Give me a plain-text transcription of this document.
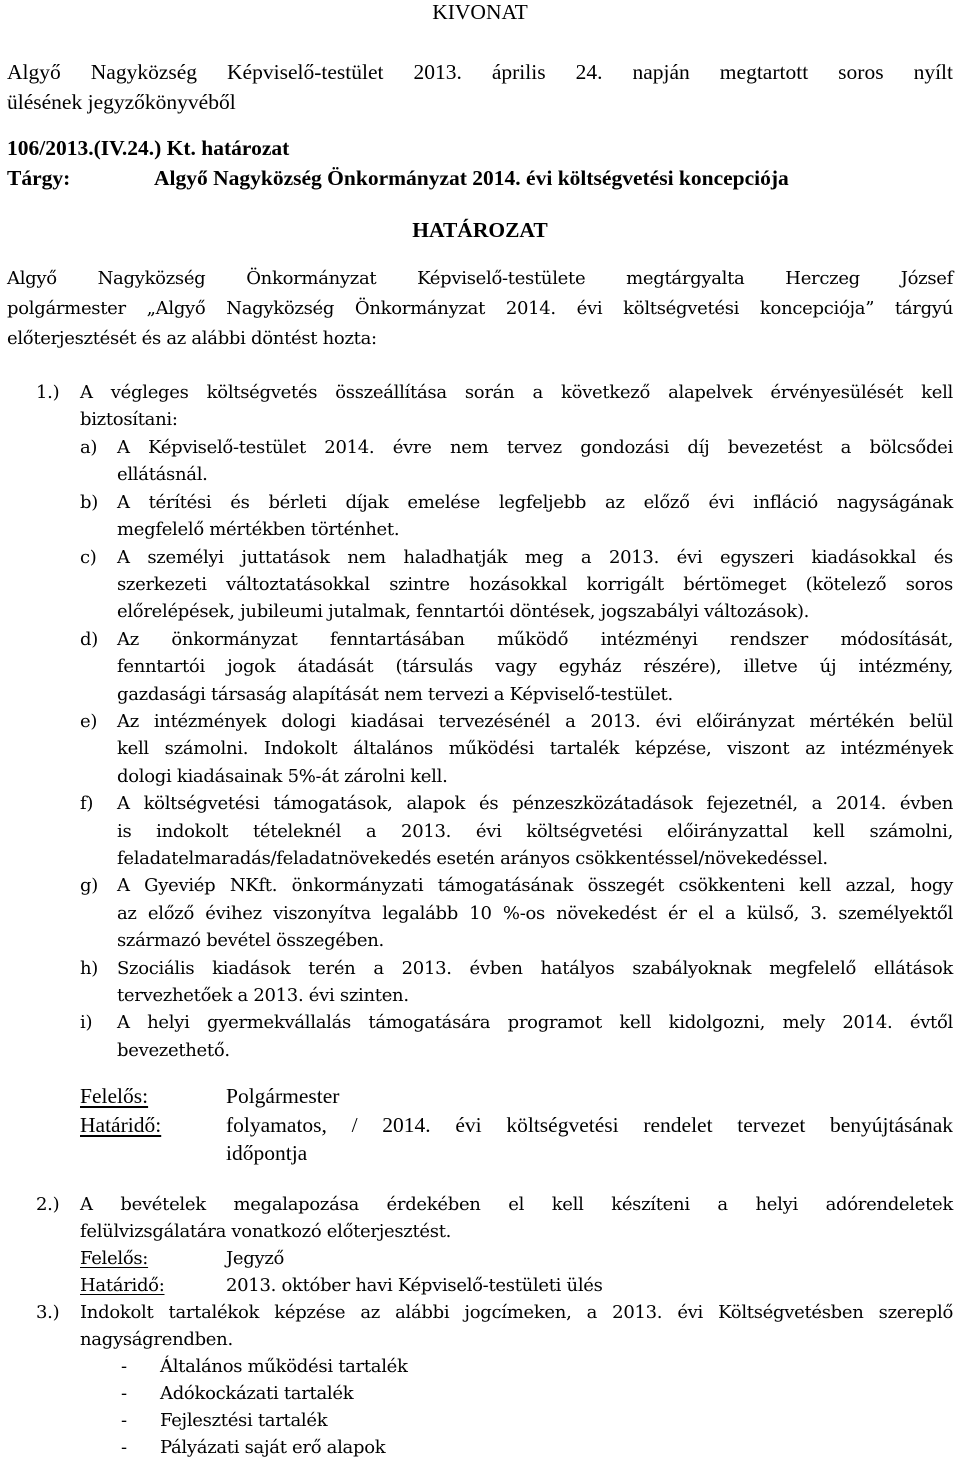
KIVONAT
Algyő Nagyközség Képviselő-testület 2013. április 24. napján megtartott soros nyílt
ülésének jegyzőkönyvéből
106/2013.(IV.24.) Kt. határozat
Tárgy:	Algyő Nagyközség Önkormányzat 2014. évi költségvetési koncepciója
HATÁROZAT
Algyő Nagyközség Önkormányzat Képviselő-testülete megtárgyalta Herczeg József
polgármester „Algyő Nagyközség Önkormányzat 2014. évi költségvetési koncepciója” tárgyú
előterjesztését és az alábbi döntést hozta:
1.) A végleges költségvetés összeállítása során a következő alapelvek érvényesülését kell
biztosítani:
a) A Képviselő-testület 2014. évre nem tervez gondozási díj bevezetést a bölcsődei
ellátásnál.
b) A térítési és bérleti díjak emelése legfeljebb az előző évi infláció nagyságának
megfelelő mértékben történhet.
c) A személyi juttatások nem haladhatják meg a 2013. évi egyszeri kiadásokkal és
szerkezeti változtatásokkal szintre hozásokkal korrigált bértömeget (kötelező soros
előrelépések, jubileumi jutalmak, fenntartói döntések, jogszabályi változások).
d) Az önkormányzat fenntartásában működő intézményi rendszer módosítását,
fenntartói jogok átadását (társulás vagy egyház részére), illetve új intézmény,
gazdasági társaság alapítását nem tervezi a Képviselő-testület.
e) Az intézmények dologi kiadásai tervezésénél a 2013. évi előirányzat mértékén belül
kell számolni. Indokolt általános működési tartalék képzése, viszont az intézmények
dologi kiadásainak 5%-át zárolni kell.
f) A költségvetési támogatások, alapok és pénzeszközátadások fejezetnél, a 2014. évben
is indokolt tételeknél a 2013. évi költségvetési előirányzattal kell számolni,
feladatelmaradás/feladatnövekedés esetén arányos csökkentéssel/növekedéssel.
g) A Gyeviép NKft. önkormányzati támogatásának összegét csökkenteni kell azzal, hogy
az előző évihez viszonyítva legalább 10 %-os növekedést ér el a külső, 3. személyektől
származó bevétel összegében.
h) Szociális kiadások terén a 2013. évben hatályos szabályoknak megfelelő ellátások
tervezhetőek a 2013. évi szinten.
i) A helyi gyermekvállalás támogatására programot kell kidolgozni, mely 2014. évtől
bevezethető.
Felelős:	Polgármester
Határidő:	folyamatos, / 2014. évi költségvetési rendelet tervezet benyújtásának
időpontja
2.) A bevételek megalapozása érdekében el kell készíteni a helyi adórendeletek
felülvizsgálatára vonatkozó előterjesztést.
Felelős:	Jegyző
Határidő:	2013. október havi Képviselő-testületi ülés
3.) Indokolt tartalékok képzése az alábbi jogcímeken, a 2013. évi Költségvetésben szereplő
nagyságrendben.
- Általános működési tartalék
- Adókockázati tartalék
- Fejlesztési tartalék
- Pályázati saját erő alapok
